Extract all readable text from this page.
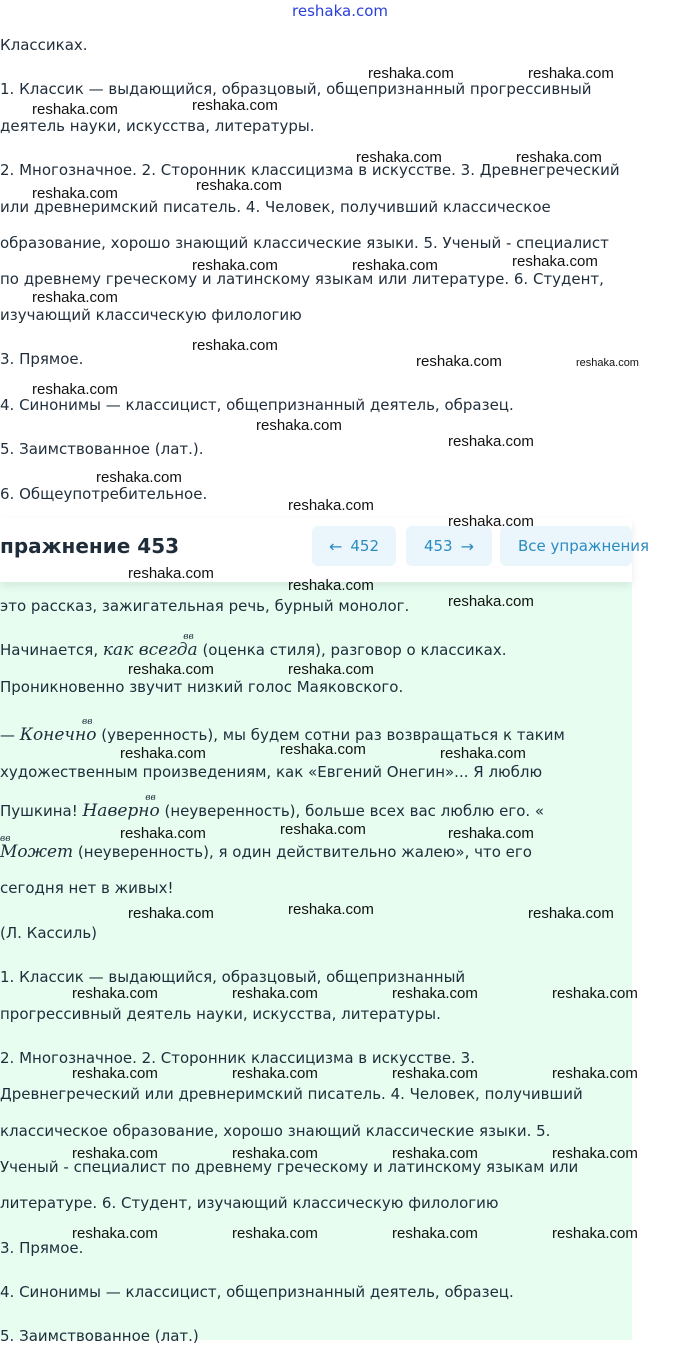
reshaka.com
Классиках.
1. Классик — выдающийся, образцовый, общепризнанный прогрессивный
деятель науки, искусства, литературы.
2. Многозначное. 2. Сторонник классицизма в искусстве. 3. Древнегреческий
или древнеримский писатель. 4. Человек, получивший классическое
образование, хорошо знающий классические языки. 5. Ученый - специалист
по древнему греческому и латинскому языкам или литературе. 6. Студент,
изучающий классическую филологию
3. Прямое.
4. Синонимы — классицист, общепризнанный деятель, образец.
5. Заимствованное (лат.).
6. Общеупотребительное.
пражнение 453	← 452	453 →	Все упражнения
это рассказ, зажигательная речь, бурный монолог.
Начинается,
вв
как всегда (оценка стиля), разговор о классиках.
Проникновенно звучит низкий голос Маяковского.
—
вв
Конечно (уверенность), мы будем сотни раз возвращаться к таким
художественным произведениям, как «Евгений Онегин»... Я люблю
Пушкина!
вв
Наверно (неуверенность), больше всех вас люблю его. «
вв
Может (неуверенность), я один действительно жалею», что его
сегодня нет в живых!
(Л. Кассиль)
1. Классик — выдающийся, образцовый, общепризнанный
прогрессивный деятель науки, искусства, литературы.
2. Многозначное. 2. Сторонник классицизма в искусстве. 3.
Древнегреческий или древнеримский писатель. 4. Человек, получивший
классическое образование, хорошо знающий классические языки. 5.
Ученый - специалист по древнему греческому и латинскому языкам или
литературе. 6. Студент, изучающий классическую филологию
3. Прямое.
4. Синонимы — классицист, общепризнанный деятель, образец.
5. Заимствованное (лат.)
reshaka.com	reshaka.com
reshaka.com	reshaka.com
reshaka.com	reshaka.com
reshaka.com	reshaka.com
reshaka.com	reshaka.com	reshaka.com
reshaka.com
reshaka.com
reshaka.com	reshaka.com
reshaka.com
reshaka.com
reshaka.com
reshaka.com
reshaka.com
reshaka.com
reshaka.com
reshaka.com
reshaka.com
reshaka.com	reshaka.com
reshaka.com	reshaka.com	reshaka.com
reshaka.com	reshaka.com	reshaka.com
reshaka.com	reshaka.com	reshaka.com
reshaka.com	reshaka.com	reshaka.com	reshaka.com
reshaka.com	reshaka.com	reshaka.com	reshaka.com
reshaka.com	reshaka.com	reshaka.com	reshaka.com
reshaka.com	reshaka.com	reshaka.com	reshaka.com
